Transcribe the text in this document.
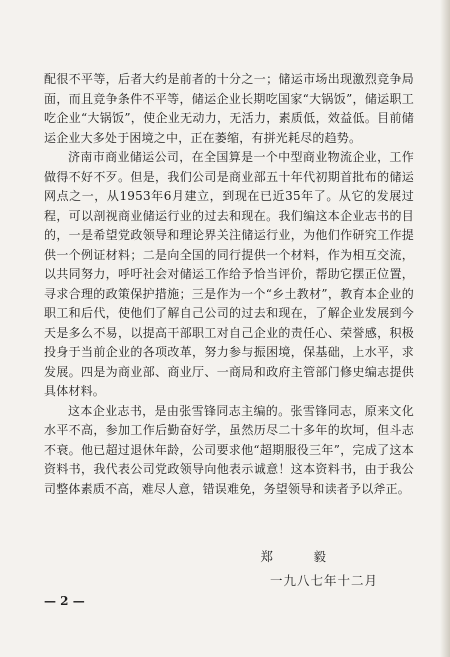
配很不平等，后者大约是前者的十分之一；储运市场出现激烈竞争局面，而且竞争条件不平等，储运企业长期吃国家“大锅饭”，储运职工吃企业“大锅饭”，使企业无动力，无活力，素质低，效益低。目前储运企业大多处于困境之中，正在萎缩，有拼光耗尽的趋势。

济南市商业储运公司，在全国算是一个中型商业物流企业，工作做得不好不歹。但是，我们公司是商业部五十年代初期首批布的储运网点之一，从1953年6月建立，到现在已近35年了。从它的发展过程，可以剖视商业储运行业的过去和现在。我们编这本企业志书的目的，一是希望党政领导和理论界关注储运行业，为他们作研究工作提供一个例证材料；二是向全国的同行提供一个材料，作为相互交流，以共同努力，呼吁社会对储运工作给予恰当评价，帮助它摆正位置，寻求合理的政策保护措施；三是作为一个“乡土教材”，教育本企业的职工和后代，使他们了解自己公司的过去和现在，了解企业发展到今天是多么不易，以提高干部职工对自己企业的责任心、荣誉感，积极投身于当前企业的各项改革，努力参与振困境，保基础，上水平，求发展。四是为商业部、商业厅、一商局和政府主管部门修史编志提供具体材料。

这本企业志书，是由张雪锋同志主编的。张雪锋同志，原来文化水平不高，参加工作后勤奋好学，虽然历尽二十多年的坎坷，但斗志不衰。他已超过退休年龄，公司要求他“超期服役三年”，完成了这本资料书，我代表公司党政领导向他表示诚意！这本资料书，由于我公司整体素质不高，难尽人意，错误难免，务望领导和读者予以斧正。

郑　毅
一九八七年十二月
— 2 —
